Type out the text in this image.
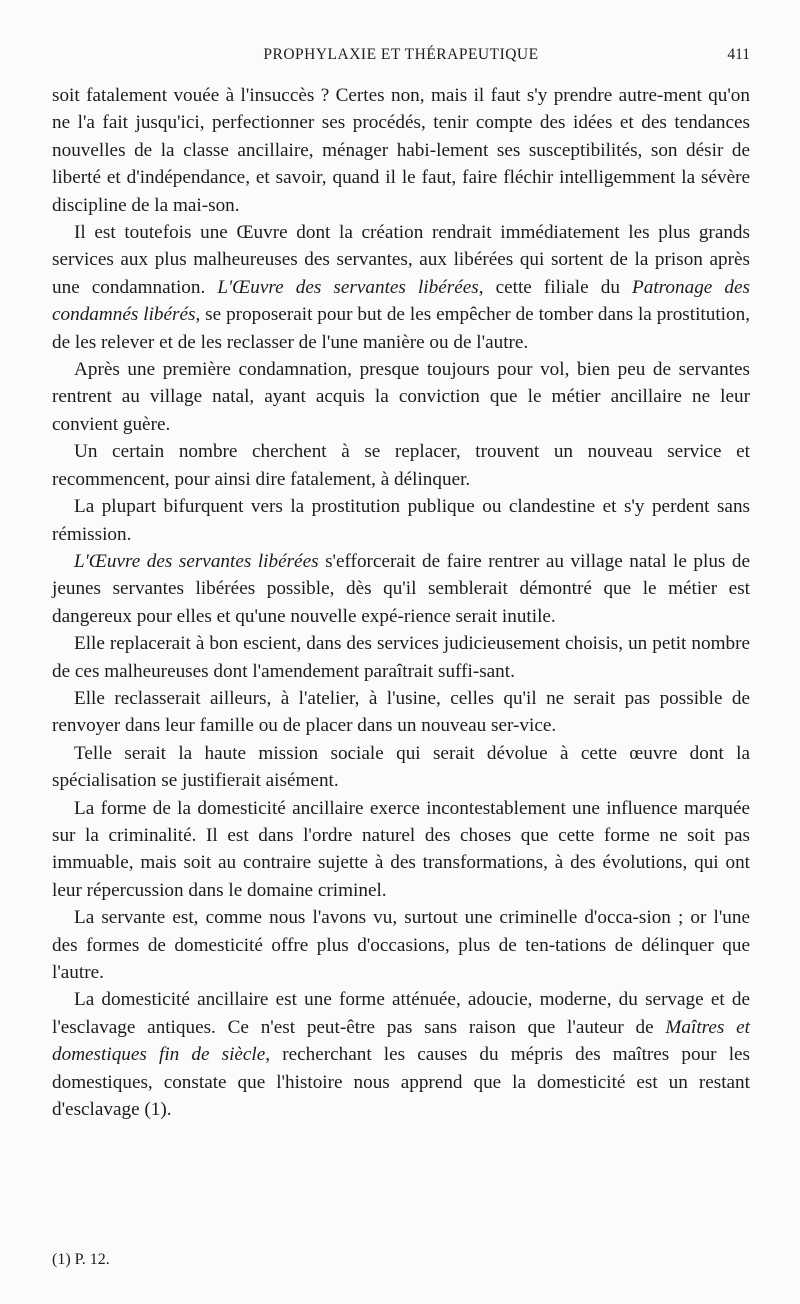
PROPHYLAXIE ET THÉRAPEUTIQUE	411

soit fatalement vouée à l'insuccès ? Certes non, mais il faut s'y prendre autre-ment qu'on ne l'a fait jusqu'ici, perfectionner ses procédés, tenir compte des idées et des tendances nouvelles de la classe ancillaire, ménager habi-lement ses susceptibilités, son désir de liberté et d'indépendance, et savoir, quand il le faut, faire fléchir intelligemment la sévère discipline de la mai-son.

Il est toutefois une Œuvre dont la création rendrait immédiatement les plus grands services aux plus malheureuses des servantes, aux libérées qui sortent de la prison après une condamnation. L'Œuvre des servantes libérées, cette filiale du Patronage des condamnés libérés, se proposerait pour but de les empêcher de tomber dans la prostitution, de les relever et de les reclasser de l'une manière ou de l'autre.

Après une première condamnation, presque toujours pour vol, bien peu de servantes rentrent au village natal, ayant acquis la conviction que le métier ancillaire ne leur convient guère.

Un certain nombre cherchent à se replacer, trouvent un nouveau service et recommencent, pour ainsi dire fatalement, à délinquer.

La plupart bifurquent vers la prostitution publique ou clandestine et s'y perdent sans rémission.

L'Œuvre des servantes libérées s'efforcerait de faire rentrer au village natal le plus de jeunes servantes libérées possible, dès qu'il semblerait démontré que le métier est dangereux pour elles et qu'une nouvelle expé-rience serait inutile.

Elle replacerait à bon escient, dans des services judicieusement choisis, un petit nombre de ces malheureuses dont l'amendement paraîtrait suffi-sant.

Elle reclasserait ailleurs, à l'atelier, à l'usine, celles qu'il ne serait pas possible de renvoyer dans leur famille ou de placer dans un nouveau ser-vice.

Telle serait la haute mission sociale qui serait dévolue à cette œuvre dont la spécialisation se justifierait aisément.

La forme de la domesticité ancillaire exerce incontestablement une influence marquée sur la criminalité. Il est dans l'ordre naturel des choses que cette forme ne soit pas immuable, mais soit au contraire sujette à des transformations, à des évolutions, qui ont leur répercussion dans le domaine criminel.

La servante est, comme nous l'avons vu, surtout une criminelle d'occa-sion ; or l'une des formes de domesticité offre plus d'occasions, plus de ten-tations de délinquer que l'autre.

La domesticité ancillaire est une forme atténuée, adoucie, moderne, du servage et de l'esclavage antiques. Ce n'est peut-être pas sans raison que l'auteur de Maîtres et domestiques fin de siècle, recherchant les causes du mépris des maîtres pour les domestiques, constate que l'histoire nous apprend que la domesticité est un restant d'esclavage (1).

(1) P. 12.
